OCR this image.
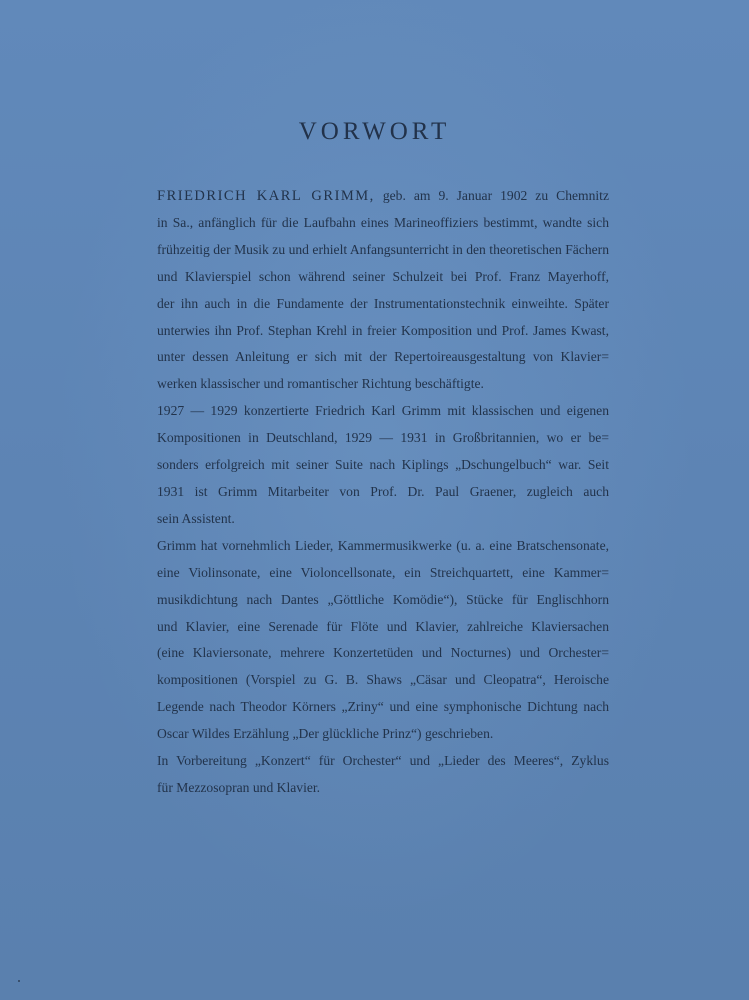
VORWORT
FRIEDRICH KARL GRIMM, geb. am 9. Januar 1902 zu Chemnitz
in Sa., anfänglich für die Laufbahn eines Marineoffiziers bestimmt, wandte sich
frühzeitig der Musik zu und erhielt Anfangsunterricht in den theoretischen Fächern
und Klavierspiel schon während seiner Schulzeit bei Prof. Franz Mayerhoff,
der ihn auch in die Fundamente der Instrumentationstechnik einweihte. Später
unterwies ihn Prof. Stephan Krehl in freier Komposition und Prof. James Kwast,
unter dessen Anleitung er sich mit der Repertoireausgestaltung von Klavier=
werken klassischer und romantischer Richtung beschäftigte.
1927 — 1929 konzertierte Friedrich Karl Grimm mit klassischen und eigenen
Kompositionen in Deutschland, 1929 — 1931 in Großbritannien, wo er be=
sonders erfolgreich mit seiner Suite nach Kiplings „Dschungelbuch“ war. Seit
1931 ist Grimm Mitarbeiter von Prof. Dr. Paul Graener, zugleich auch
sein Assistent.
Grimm hat vornehmlich Lieder, Kammermusikwerke (u. a. eine Bratschensonate,
eine Violinsonate, eine Violoncellsonate, ein Streichquartett, eine Kammer=
musikdichtung nach Dantes „Göttliche Komödie“), Stücke für Englischhorn
und Klavier, eine Serenade für Flöte und Klavier, zahlreiche Klaviersachen
(eine Klaviersonate, mehrere Konzertetüden und Nocturnes) und Orchester=
kompositionen (Vorspiel zu G. B. Shaws „Cäsar und Cleopatra“, Heroische
Legende nach Theodor Körners „Zriny“ und eine symphonische Dichtung nach
Oscar Wildes Erzählung „Der glückliche Prinz“) geschrieben.
In Vorbereitung „Konzert“ für Orchester“ und „Lieder des Meeres“, Zyklus
für Mezzosopran und Klavier.
